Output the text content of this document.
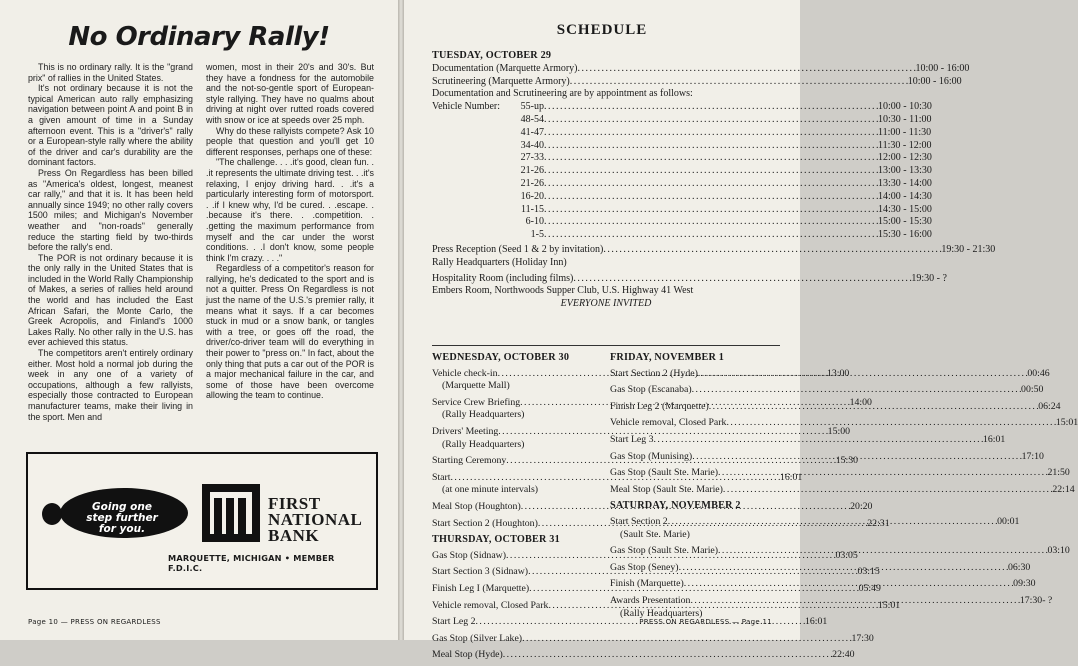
No Ordinary Rally!

This is no ordinary rally. It is the "grand prix" of rallies in the United States.

It's not ordinary because it is not the typical American auto rally emphasizing navigation between point A and point B in a given amount of time in a Sunday afternoon event. This is a "driver's" rally or a European-style rally where the ability of the driver and car's durability are the dominant factors.

Press On Regardless has been billed as "America's oldest, longest, meanest car rally," and that it is. It has been held annually since 1949; no other rally covers 1500 miles; and Michigan's November weather and "non-roads" generally reduce the starting field by two-thirds before the rally's end.

The POR is not ordinary because it is the only rally in the United States that is included in the World Rally Championship of Makes, a series of rallies held around the world and has included the East African Safari, the Monte Carlo, the Greek Acropolis, and Finland's 1000 Lakes Rally. No other rally in the U.S. has ever achieved this status.

The competitors aren't entirely ordinary either. Most hold a normal job during the week in any one of a variety of occupations, although a few rallyists, especially those contracted to European manufacturer teams, make their living in the sport. Men and

women, most in their 20's and 30's. But they have a fondness for the automobile and the not-so-gentle sport of European-style rallying. They have no qualms about driving at night over rutted roads covered with snow or ice at speeds over 25 mph.

Why do these rallyists compete? Ask 10 people that question and you'll get 10 different responses, perhaps one of these:

"The challenge. . . .it's good, clean fun. . .it represents the ultimate driving test. . .it's relaxing, I enjoy driving hard. . .it's a particularly interesting form of motorsport. . .if I knew why, I'd be cured. . .escape. . .because it's there. . .competition. . .getting the maximum performance from myself and the car under the worst conditions. . .I don't know, some people think I'm crazy. . . ."

Regardless of a competitor's reason for rallying, he's dedicated to the sport and is not a quitter. Press On Regardless is not just the name of the U.S.'s premier rally, it means what it says. If a car becomes stuck in mud or a snow bank, or tangles with a tree, or goes off the road, the driver/co-driver team will do everything in their power to "press on." In fact, about the only thing that puts a car out of the POR is a major mechanical failure in the car, and some of those have been overcome allowing the team to continue.

Going one step further for you.
FIRST
NATIONAL
BANK
MARQUETTE, MICHIGAN • MEMBER F.D.I.C.
Page 10 — PRESS ON REGARDLESS
SCHEDULE
TUESDAY, OCTOBER 29
Documentation (Marquette Armory) . . .	10:00 - 16:00
Scrutineering (Marquette Armory) . . .	10:00 - 16:00
Documentation and Scrutineering are by appointment as follows:
Vehicle Number:	55-up . . .	10:00 - 10:30
48-54 . . .	10:30 - 11:00
41-47 . . .	11:00 - 11:30
34-40 . . .	11:30 - 12:00
27-33 . . .	12:00 - 12:30
21-26 . . .	13:00 - 13:30
21-26 . . .	13:30 - 14:00
16-20 . . .	14:00 - 14:30
11-15 . . .	14:30 - 15:00
6-10 . . .	15:00 - 15:30
1-5 . . .	15:30 - 16:00
Press Reception (Seed 1 & 2 by invitation) . . .	19:30 - 21:30
Rally Headquarters (Holiday Inn)
Hospitality Room (including films) . . .	19:30 - ?
Embers Room, Northwoods Supper Club, U.S. Highway 41 West
EVERYONE INVITED
WEDNESDAY, OCTOBER 30
Vehicle check-in . . .	13:00
(Marquette Mall)
Service Crew Briefing . . .	14:00
(Rally Headquarters)
Drivers' Meeting . . .	15:00
(Rally Headquarters)
Starting Ceremony . . .	15:30
Start . . .	16:01
(at one minute intervals)
Meal Stop (Houghton) . . .	20:20
Start Section 2 (Houghton) . . .	22:31
THURSDAY, OCTOBER 31
Gas Stop (Sidnaw) . . .	03:05
Start Section 3 (Sidnaw) . . .	03:15
Finish Leg I (Marquette) . . .	05:49
Vehicle removal, Closed Park . . .	15:01
Start Leg 2 . . .	16:01
Gas Stop (Silver Lake) . . .	17:30
Meal Stop (Hyde) . . .	22:40
FRIDAY, NOVEMBER 1
Start Section 2 (Hyde) . . .	00:46
Gas Stop (Escanaba) . . .	00:50
Finish Leg 2 (Marquette) . . .	06:24
Vehicle removal, Closed Park . . .	15:01
Start Leg 3 . . .	16:01
Gas Stop (Munising) . . .	17:10
Gas Stop (Sault Ste. Marie) . . .	21:50
Meal Stop (Sault Ste. Marie) . . .	22:14
SATURDAY, NOVEMBER 2
Start Section 2 . . .	00:01
(Sault Ste. Marie)
Gas Stop (Sault Ste. Marie) . . .	03:10
Gas Stop (Seney) . . .	06:30
Finish (Marquette) . . .	09:30
Awards Presentation . . .	17:30- ?
(Rally Headquarters)
PRESS ON REGARDLESS — Page 11
